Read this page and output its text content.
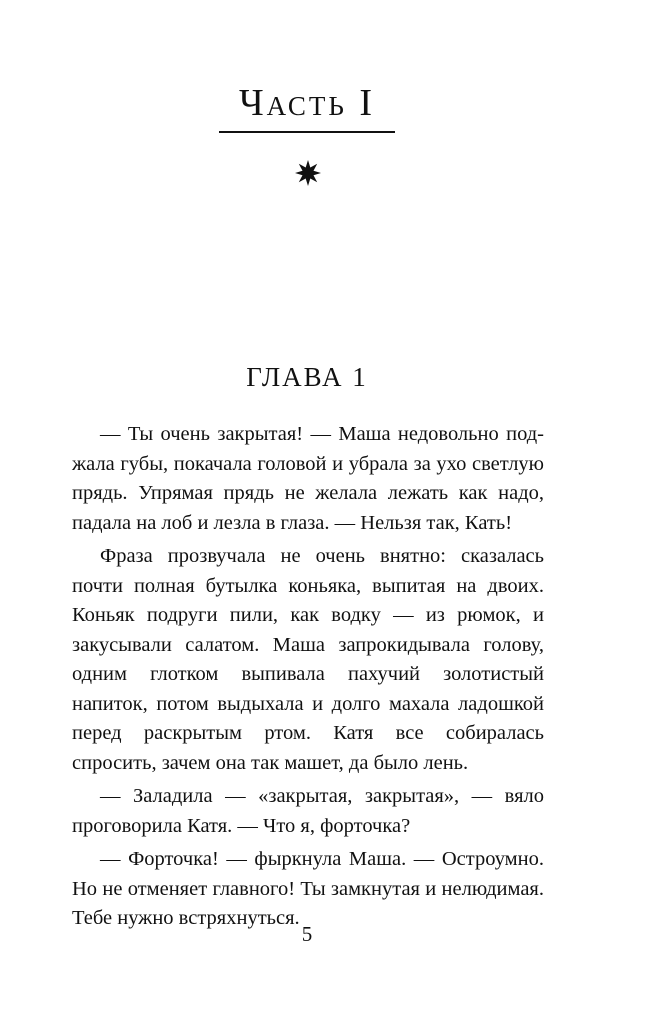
Часть I
ГЛАВА 1

— Ты очень закрытая! — Маша недовольно поджала губы, покачала головой и убрала за ухо светлую прядь. Упрямая прядь не желала лежать как надо, падала на лоб и лезла в глаза. — Нельзя так, Кать!

Фраза прозвучала не очень внятно: сказалась почти полная бутылка коньяка, выпитая на двоих. Коньяк подруги пили, как водку — из рюмок, и закусывали салатом. Маша запрокидывала голову, одним глотком выпивала пахучий золотистый напиток, потом выдыхала и долго махала ладошкой перед раскрытым ртом. Катя все собиралась спросить, зачем она так машет, да было лень.

— Заладила — «закрытая, закрытая», — вяло проговорила Катя. — Что я, форточка?

— Форточка! — фыркнула Маша. — Остроумно. Но не отменяет главного! Ты замкнутая и нелюдимая. Тебе нужно встряхнуться.

5
